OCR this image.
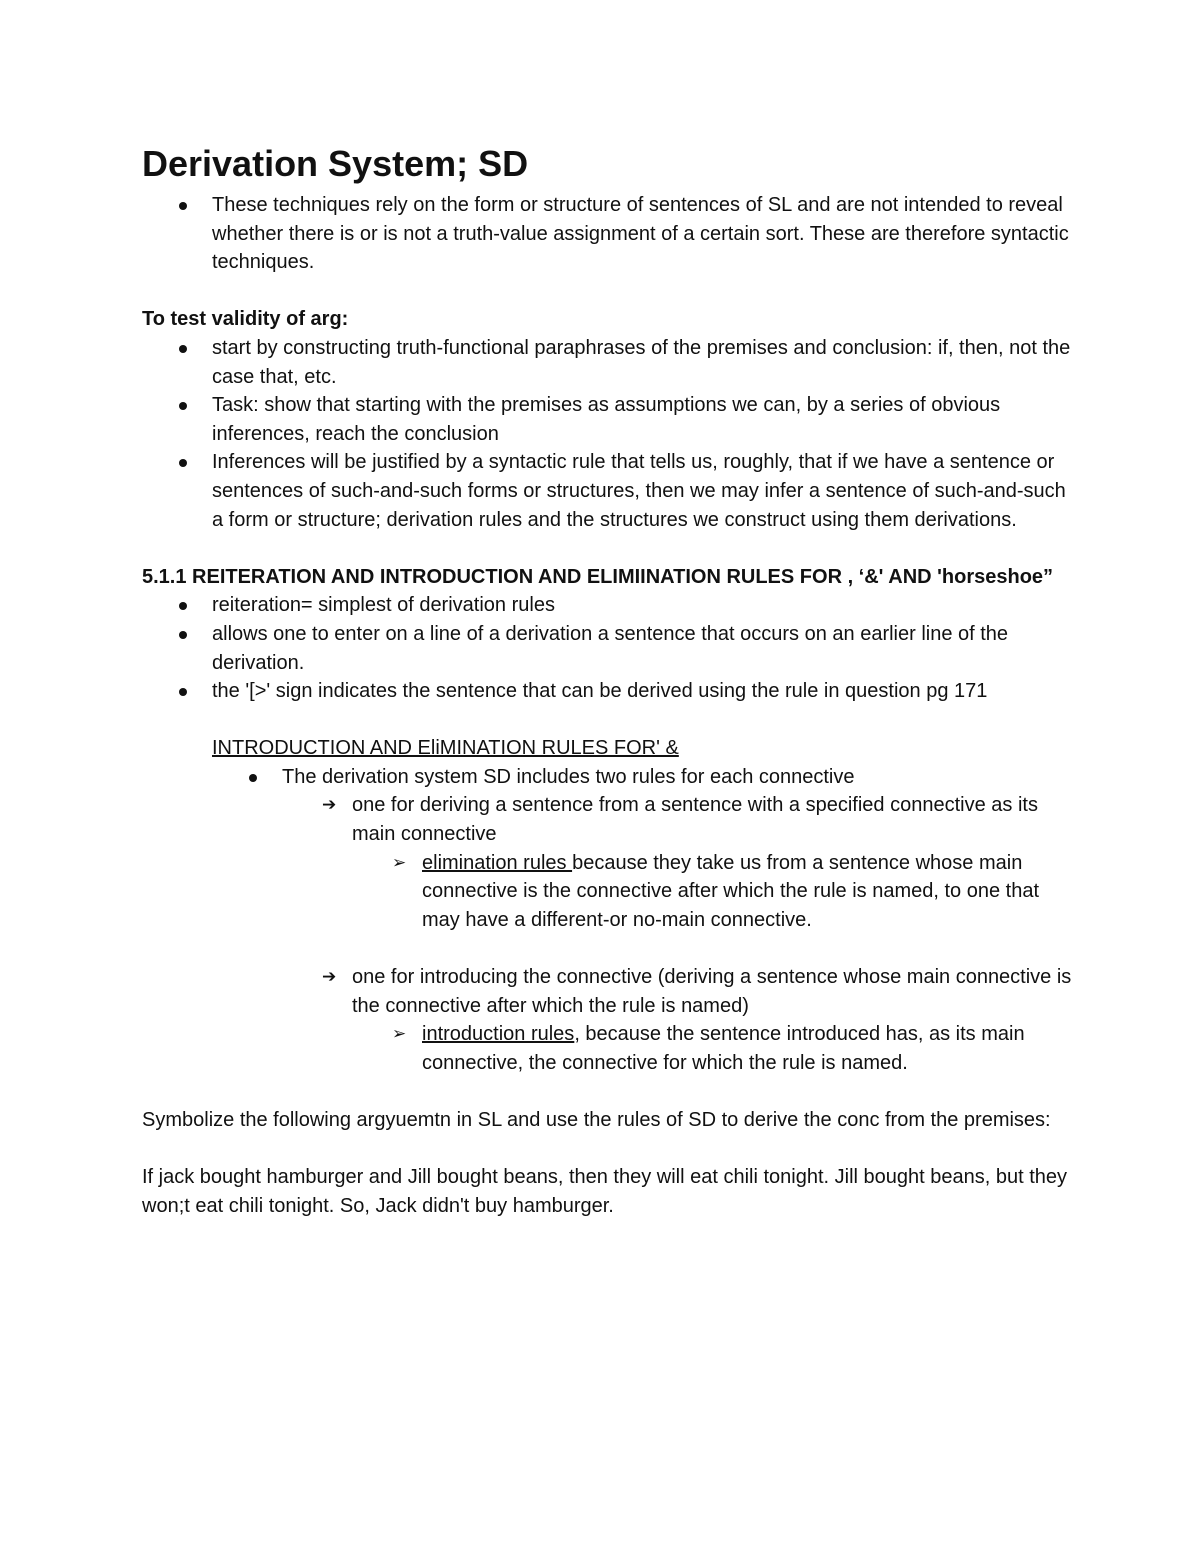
Derivation System; SD
These techniques rely on the form or structure of sentences of SL and are not intended to reveal whether there is or is not a truth-value assignment of a certain sort. These are therefore syntactic techniques.

To test validity of arg:

start by constructing truth-functional paraphrases of the premises and conclusion: if, then, not the case that, etc.
Task: show that starting with the premises as assumptions we can, by a series of obvious inferences, reach the conclusion
Inferences will be justified by a syntactic rule that tells us, roughly, that if we have a sentence or sentences of such-and-such forms or structures, then we may infer a sentence of such-and-such a form or structure; derivation rules and the structures we construct using them derivations.

5.1.1 REITERATION AND INTRODUCTION AND ELIMIINATION RULES FOR , ‘&' AND 'horseshoe”

reiteration= simplest of derivation rules
allows one to enter on a line of a derivation a sentence that occurs on an earlier line of the derivation.
the '[>' sign indicates the sentence that can be derived using the rule in question pg 171

INTRODUCTION AND EliMINATION RULES FOR' &

The derivation system SD includes two rules for each connective
➔ one for deriving a sentence from a sentence with a specified connective as its main connective
➢ elimination rules because they take us from a sentence whose main connective is the connective after which the rule is named, to one that may have a different-or no-main connective.
➔ one for introducing the connective (deriving a sentence whose main connective is the connective after which the rule is named)
➢ introduction rules, because the sentence introduced has, as its main connective, the connective for which the rule is named.

Symbolize the following argyuemtn in SL and use the rules of SD to derive the conc from the premises:

If jack bought hamburger and Jill bought beans, then they will eat chili tonight. Jill bought beans, but they won;t eat chili tonight. So, Jack didn't buy hamburger.
